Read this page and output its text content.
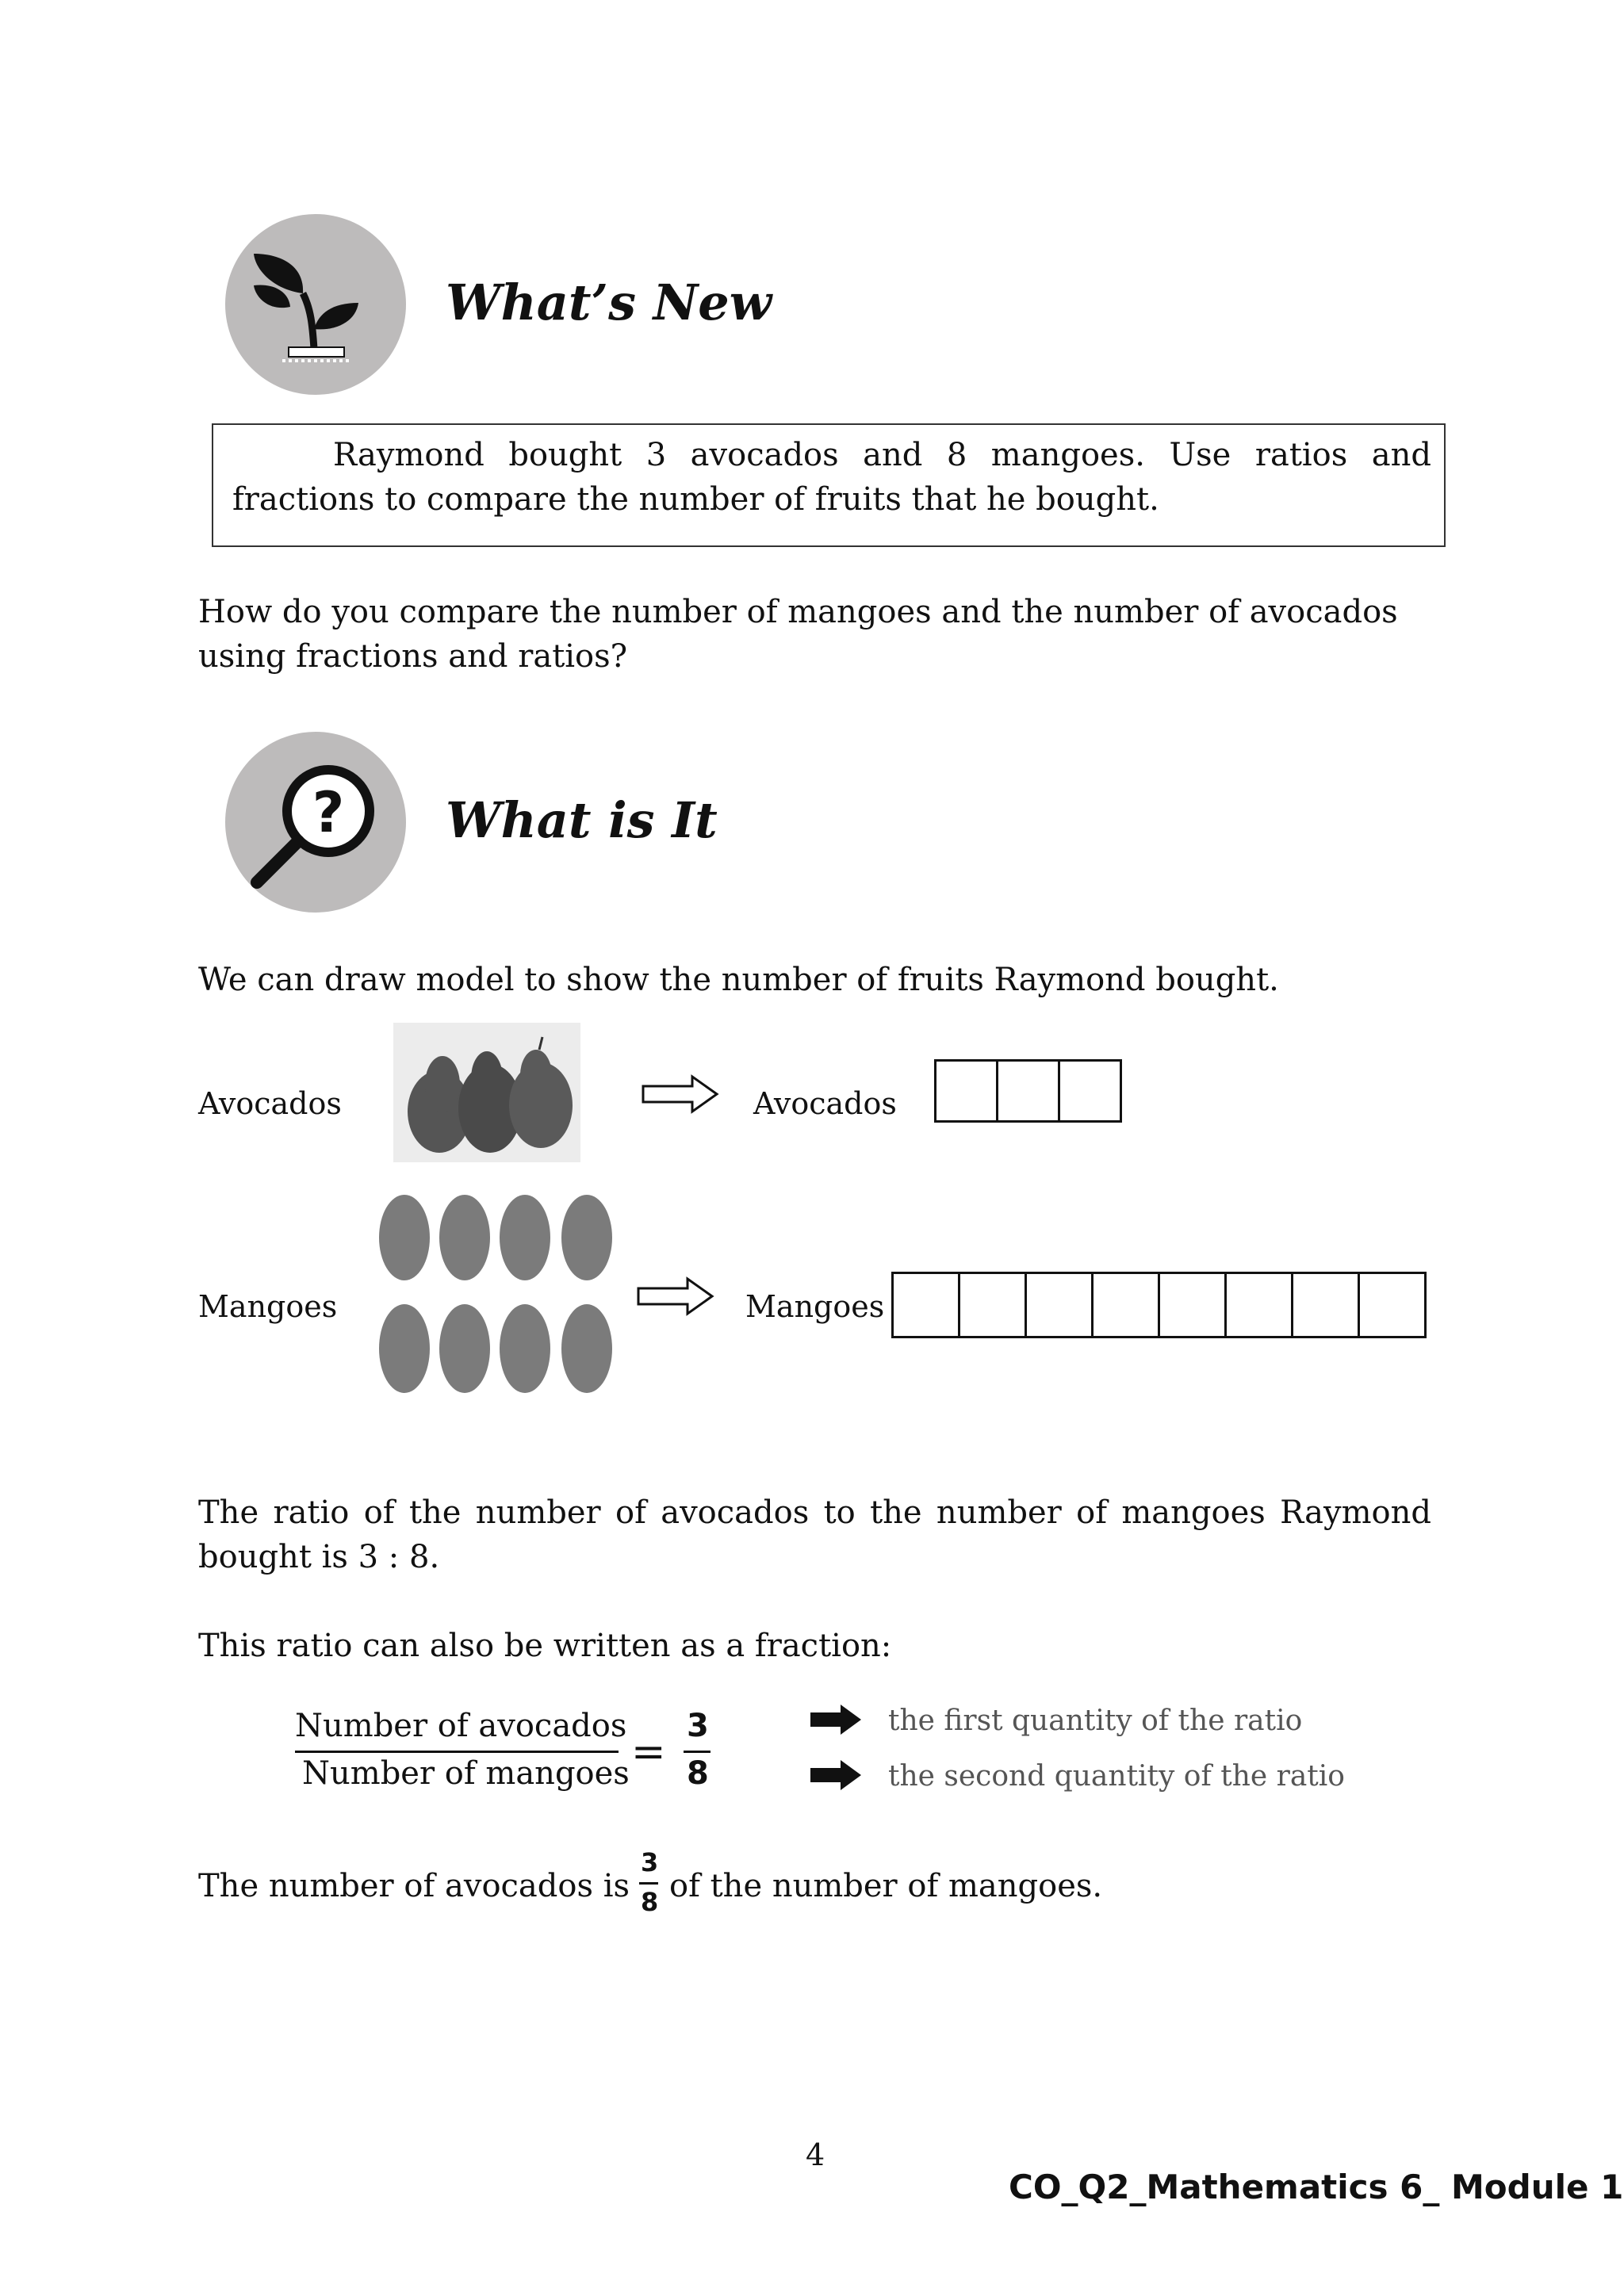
What’s New
Raymond bought 3 avocados and 8 mangoes. Use ratios and
fractions to compare the number of fruits that he bought.
How do you compare the number of mangoes and the number of avocados
using fractions and ratios?
? What is It
We can draw model to show the number of fruits Raymond bought.
Avocados	Avocados
Mangoes	Mangoes
The ratio of the number of avocados to the number of mangoes Raymond
bought is 3 : 8.
This ratio can also be written as a fraction:
Number of avocados
Number of mangoes =
3
8
the first quantity of the ratio
the second quantity of the ratio
The number of avocados is
3
8 of the number of mangoes.
4
CO_Q2_Mathematics 6_ Module 1
